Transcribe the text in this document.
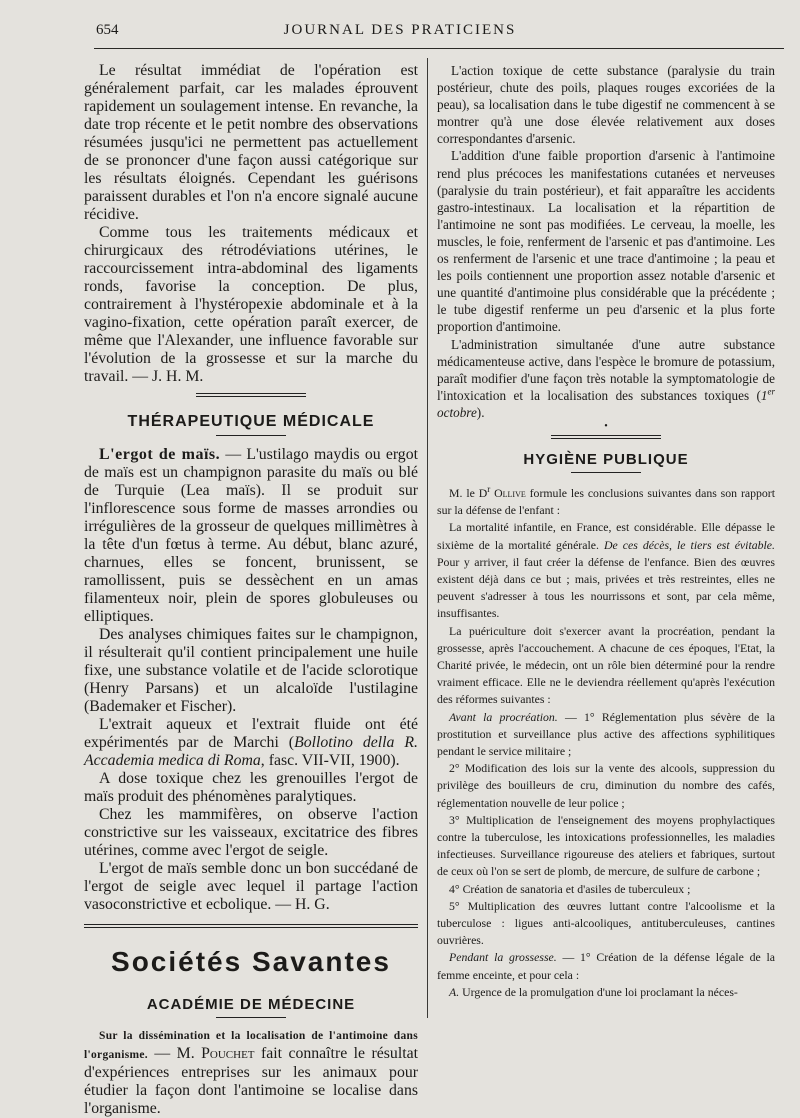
654	JOURNAL DES PRATICIENS

Le résultat immédiat de l'opération est généralement parfait, car les malades éprouvent rapidement un soulagement intense. En revanche, la date trop récente et le petit nombre des observations résumées jusqu'ici ne permettent pas actuellement de se prononcer d'une façon aussi catégorique sur les résultats éloignés. Cependant les guérisons paraissent durables et l'on n'a encore signalé aucune récidive.

Comme tous les traitements médicaux et chirurgicaux des rétrodéviations utérines, le raccourcissement intra-abdominal des ligaments ronds, favorise la conception. De plus, contrairement à l'hystéropexie abdominale et à la vagino-fixation, cette opération paraît exercer, de même que l'Alexander, une influence favorable sur l'évolution de la grossesse et sur la marche du travail. — J. H. M.

THÉRAPEUTIQUE MÉDICALE

L'ergot de maïs. — L'ustilago maydis ou ergot de maïs est un champignon parasite du maïs ou blé de Turquie (Lea maïs). Il se produit sur l'inflorescence sous forme de masses arrondies ou irrégulières de la grosseur de quelques millimètres à la tête d'un fœtus à terme. Au début, blanc azuré, charnues, elles se foncent, brunissent, se ramollissent, puis se dessèchent en un amas filamenteux noir, plein de spores globuleuses ou elliptiques.

Des analyses chimiques faites sur le champignon, il résulterait qu'il contient principalement une huile fixe, une substance volatile et de l'acide sclorotique (Henry Parsans) et un alcaloïde l'ustilagine (Bademaker et Fischer).

L'extrait aqueux et l'extrait fluide ont été expérimentés par de Marchi (Bollotino della R. Accademia medica di Roma, fasc. VII-VII, 1900).

A dose toxique chez les grenouilles l'ergot de maïs produit des phénomènes paralytiques.

Chez les mammifères, on observe l'action constrictive sur les vaisseaux, excitatrice des fibres utérines, comme avec l'ergot de seigle.

L'ergot de maïs semble donc un bon succédané de l'ergot de seigle avec lequel il partage l'action vasoconstrictive et ecbolique. — H. G.

Sociétés Savantes
ACADÉMIE DE MÉDECINE

Sur la dissémination et la localisation de l'antimoine dans l'organisme. — M. Pouchet fait connaître le résultat d'expériences entreprises sur les animaux pour étudier la façon dont l'antimoine se localise dans l'organisme.

L'action toxique de cette substance (paralysie du train postérieur, chute des poils, plaques rouges excoriées de la peau), sa localisation dans le tube digestif ne commencent à se montrer qu'à une dose élevée relativement aux doses correspondantes d'arsenic.

L'addition d'une faible proportion d'arsenic à l'antimoine rend plus précoces les manifestations cutanées et nerveuses (paralysie du train postérieur), et fait apparaître les accidents gastro-intestinaux. La localisation et la répartition de l'antimoine ne sont pas modifiées. Le cerveau, la moelle, les muscles, le foie, renferment de l'arsenic et pas d'antimoine. Les os renferment de l'arsenic et une trace d'antimoine ; la peau et les poils contiennent une proportion assez notable d'arsenic et une quantité d'antimoine plus considérable que la précédente ; le tube digestif renferme un peu d'arsenic et la plus forte proportion d'antimoine.

L'administration simultanée d'une autre substance médicamenteuse active, dans l'espèce le bromure de potassium, paraît modifier d'une façon très notable la symptomatologie de l'intoxication et la localisation des substances toxiques (1er octobre).

•
HYGIÈNE PUBLIQUE

M. le $D^r$ Ollive formule les conclusions suivantes dans son rapport sur la défense de l'enfant :

La mortalité infantile, en France, est considérable. Elle dépasse le sixième de la mortalité générale. De ces décès, le tiers est évitable. Pour y arriver, il faut créer la défense de l'enfance. Bien des œuvres existent déjà dans ce but ; mais, privées et très restreintes, elles ne peuvent s'adresser à tous les nourrissons et sont, par cela même, insuffisantes.

La puériculture doit s'exercer avant la procréation, pendant la grossesse, après l'accouchement. A chacune de ces époques, l'Etat, la Charité privée, le médecin, ont un rôle bien déterminé pour la rendre vraiment efficace. Elle ne le deviendra réellement qu'après l'exécution des réformes suivantes :

Avant la procréation. — 1° Réglementation plus sévère de la prostitution et surveillance plus active des affections syphilitiques pendant le service militaire ;

2° Modification des lois sur la vente des alcools, suppression du privilège des bouilleurs de cru, diminution du nombre des cafés, réglementation nouvelle de leur police ;

3° Multiplication de l'enseignement des moyens prophylactiques contre la tuberculose, les intoxications professionnelles, les maladies infectieuses. Surveillance rigoureuse des ateliers et fabriques, surtout de ceux où l'on se sert de plomb, de mercure, de sulfure de carbone ;

4° Création de sanatoria et d'asiles de tuberculeux ;

5° Multiplication des œuvres luttant contre l'alcoolisme et la tuberculose : ligues anti-alcooliques, antituberculeuses, cantines ouvrières.

Pendant la grossesse. — 1° Création de la défense légale de la femme enceinte, et pour cela :

A. Urgence de la promulgation d'une loi proclamant la néces-
